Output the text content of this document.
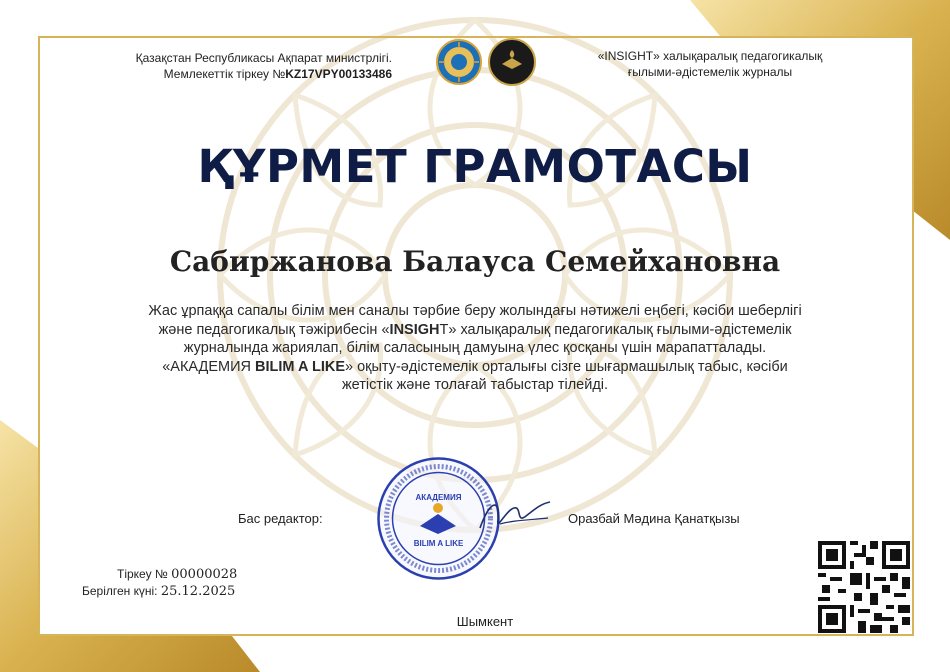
Қазақстан Республикасы Ақпарат министрлігі.
Мемлекеттік тіркеу №KZ17VPY00133486
«INSIGHT» халықаралық педагогикалық
ғылыми-әдістемелік журналы
ҚҰРМЕТ ГРАМОТАСЫ
Сабиржанова Балауса Семейхановна
Жас ұрпаққа сапалы білім мен саналы тәрбие беру жолындағы нәтижелі еңбегі, кәсіби шеберлігі
және педагогикалық тәжірибесін «INSIGHT» халықаралық педагогикалық ғылыми-әдістемелік
журналында жариялап, білім саласының дамуына үлес қосқаны үшін марапатталады.
«АКАДЕМИЯ BILIM A LIKE» оқыту-әдістемелік орталығы сізге шығармашылық табыс, кәсіби
жетістік және толағай табыстар тілейді.
Бас редактор:
АКАДЕМИЯ
BILIM A LIKE
Оразбай Мәдина Қанатқызы
Тіркеу № 00000028
Берілген күні: 25.12.2025
Шымкент
